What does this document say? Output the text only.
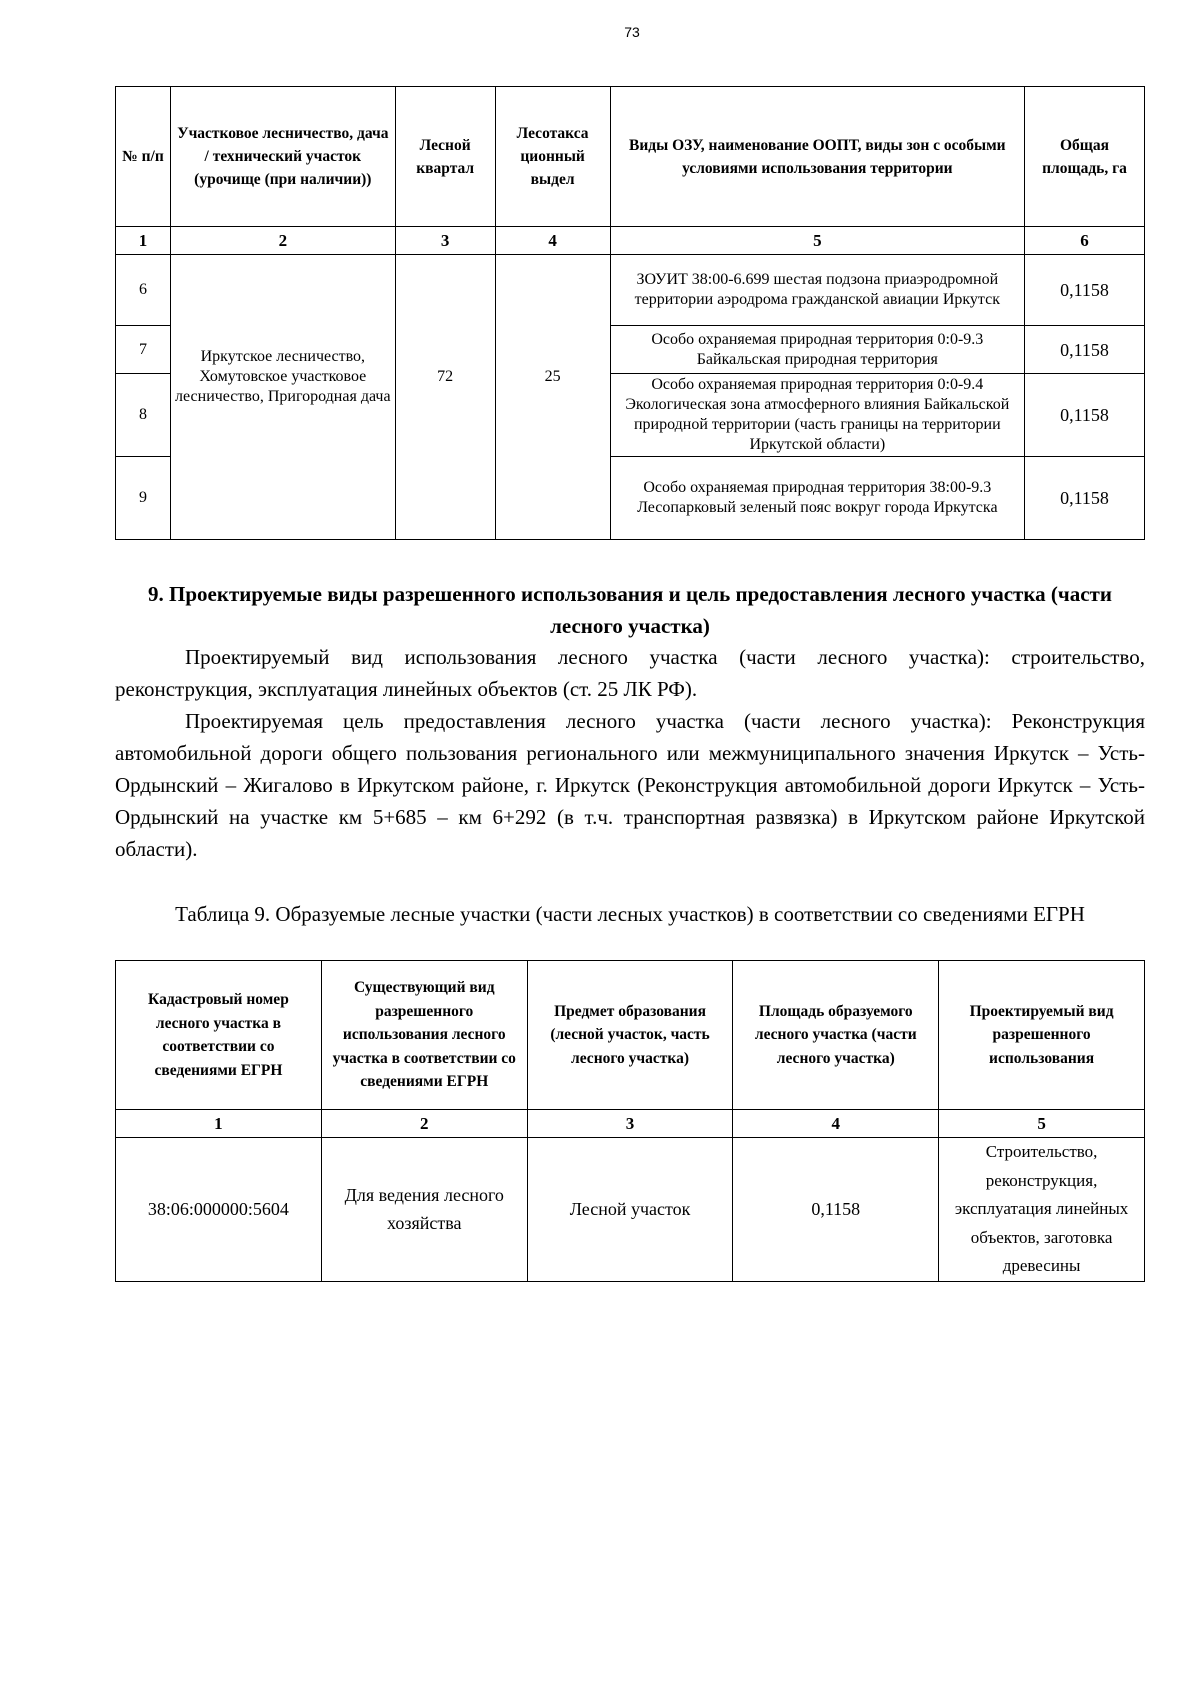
73
№ п/п	Участковое лесничество, дача / технический участок (урочище (при наличии))	Лесной квартал	Лесотакса ционный выдел	Виды ОЗУ, наименование ООПТ, виды зон с особыми условиями использования территории	Общая площадь, га
1	2	3	4	5	6
6	Иркутское лесничество, Хомутовское участковое лесничество, Пригородная дача	72	25	ЗОУИТ 38:00-6.699 шестая подзона приаэродромной территории аэродрома гражданской авиации Иркутск	0,1158
7				Особо охраняемая природная территория 0:0-9.3 Байкальская природная территория	0,1158
8				Особо охраняемая природная территория 0:0-9.4 Экологическая зона атмосферного влияния Байкальской природной территории (часть границы на территории Иркутской области)	0,1158
9				Особо охраняемая природная территория 38:00-9.3 Лесопарковый зеленый пояс вокруг города Иркутска	0,1158
9. Проектируемые виды разрешенного использования и цель предоставления лесного участка (части лесного участка)

Проектируемый вид использования лесного участка (части лесного участка): строительство, реконструкция, эксплуатация линейных объектов (ст. 25 ЛК РФ).

Проектируемая цель предоставления лесного участка (части лесного участка): Реконструкция автомобильной дороги общего пользования регионального или межмуниципального значения Иркутск – Усть-Ордынский – Жигалово в Иркутском районе, г. Иркутск (Реконструкция автомобильной дороги Иркутск – Усть-Ордынский на участке км 5+685 – км 6+292 (в т.ч. транспортная развязка) в Иркутском районе Иркутской области).

Таблица 9. Образуемые лесные участки (части лесных участков) в соответствии со сведениями ЕГРН
Кадастровый номер лесного участка в соответствии со сведениями ЕГРН	Существующий вид разрешенного использования лесного участка в соответствии со сведениями ЕГРН	Предмет образования (лесной участок, часть лесного участка)	Площадь образуемого лесного участка (части лесного участка)	Проектируемый вид разрешенного использования
1	2	3	4	5
38:06:000000:5604	Для ведения лесного хозяйства	Лесной участок	0,1158	Строительство, реконструкция, эксплуатация линейных объектов, заготовка древесины
